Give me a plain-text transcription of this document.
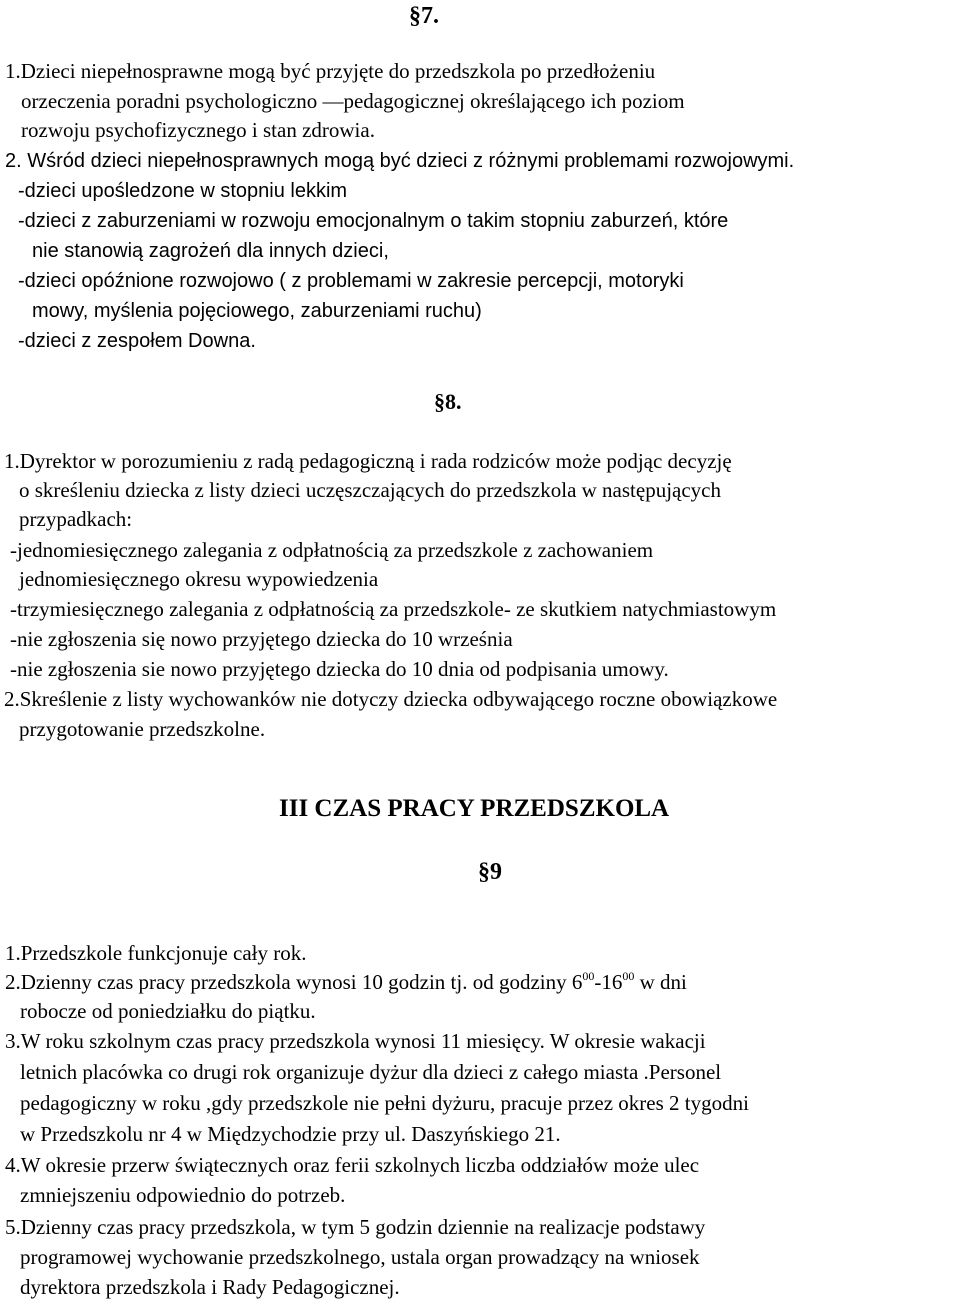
§7.
1.Dzieci niepełnosprawne mogą być przyjęte do przedszkola po przedłożeniu
orzeczenia poradni psychologiczno —pedagogicznej określającego ich poziom
rozwoju psychofizycznego i stan zdrowia.
2. Wśród dzieci niepełnosprawnych mogą być dzieci z różnymi problemami rozwojowymi.
-dzieci upośledzone w stopniu lekkim
-dzieci z zaburzeniami w rozwoju emocjonalnym o takim stopniu zaburzeń, które
nie stanowią zagrożeń dla innych dzieci,
-dzieci opóźnione rozwojowo ( z problemami w zakresie percepcji, motoryki
mowy, myślenia pojęciowego, zaburzeniami ruchu)
-dzieci z zespołem Downa.
§8.
1.Dyrektor w porozumieniu z radą pedagogiczną i rada rodziców może podjąc decyzję
o skreśleniu dziecka z listy dzieci uczęszczających do przedszkola w następujących
przypadkach:
-jednomiesięcznego zalegania z odpłatnością za przedszkole z zachowaniem
jednomiesięcznego okresu wypowiedzenia
-trzymiesięcznego zalegania z odpłatnością za przedszkole- ze skutkiem natychmiastowym
-nie zgłoszenia się nowo przyjętego dziecka do 10 września
-nie zgłoszenia sie nowo przyjętego dziecka do 10 dnia od podpisania umowy.
2.Skreślenie z listy wychowanków nie dotyczy dziecka odbywającego roczne obowiązkowe
przygotowanie przedszkolne.
III CZAS PRACY PRZEDSZKOLA
§9
1.Przedszkole funkcjonuje cały rok.
2.Dzienny czas pracy przedszkola wynosi 10 godzin tj. od godziny $6^{00}-16^{00}$ w dni
robocze od poniedziałku do piątku.
3.W roku szkolnym czas pracy przedszkola wynosi 11 miesięcy. W okresie wakacji
letnich placówka co drugi rok organizuje dyżur dla dzieci z całego miasta .Personel
pedagogiczny w roku ,gdy przedszkole nie pełni dyżuru, pracuje przez okres 2 tygodni
w Przedszkolu nr 4 w Międzychodzie przy ul. Daszyńskiego 21.
4.W okresie przerw świątecznych oraz ferii szkolnych liczba oddziałów może ulec
zmniejszeniu odpowiednio do potrzeb.
5.Dzienny czas pracy przedszkola, w tym 5 godzin dziennie na realizacje podstawy
programowej wychowanie przedszkolnego, ustala organ prowadzący na wniosek
dyrektora przedszkola i Rady Pedagogicznej.
